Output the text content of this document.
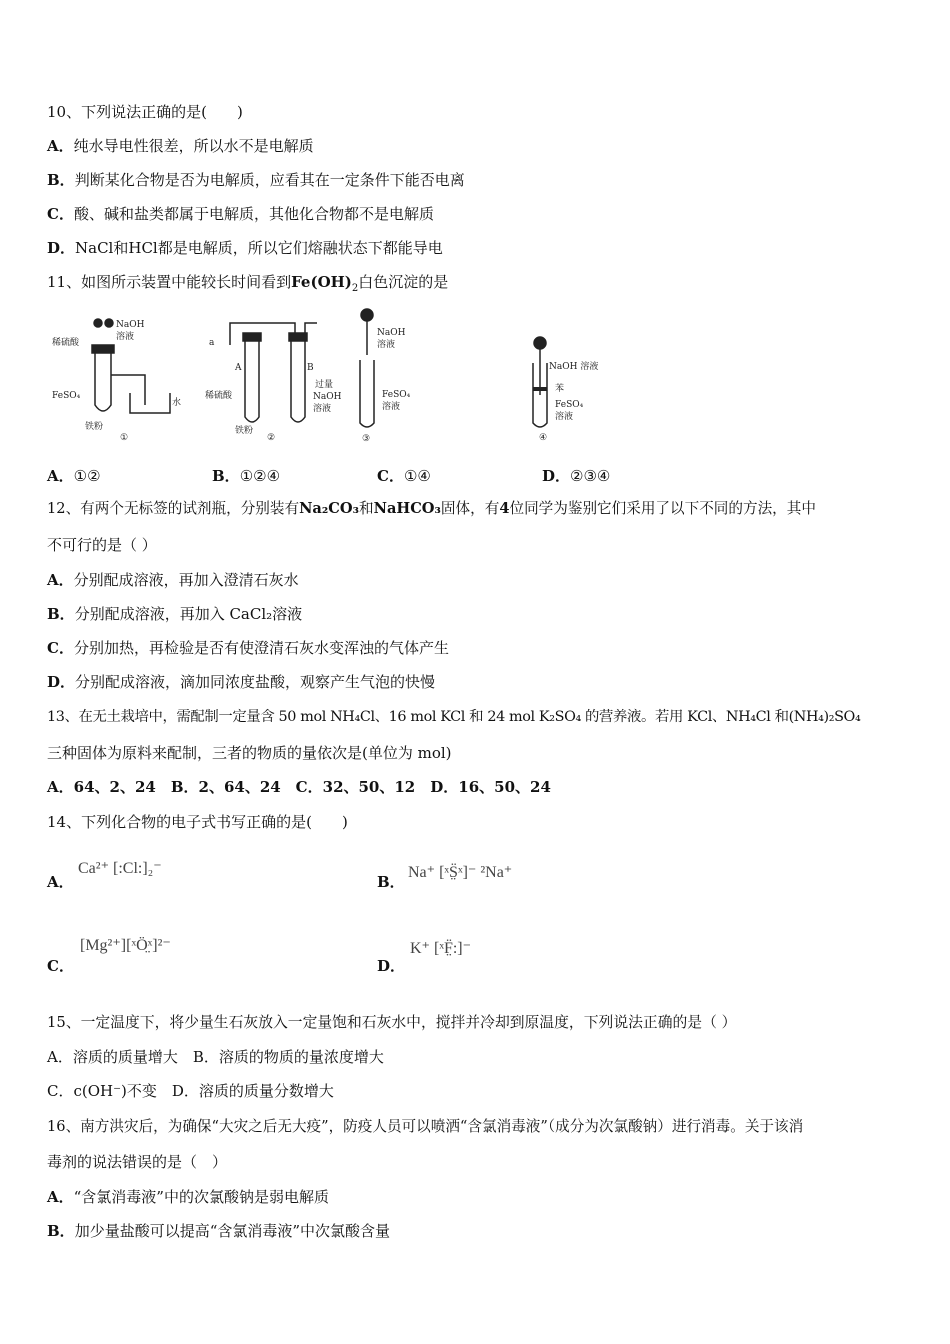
10、下列说法正确的是(　　)
A．纯水导电性很差，所以水不是电解质
B．判断某化合物是否为电解质，应看其在一定条件下能否电离
C．酸、碱和盐类都属于电解质，其他化合物都不是电解质
D．NaCl和HCl都是电解质，所以它们熔融状态下都能导电
11、如图所示装置中能较长时间看到$Fe(OH)_2$白色沉淀的是
NaOH
溶液
稀硫酸
FeSO₄
铁粉
水
①
a
A	B
稀硫酸
铁粉
过量
NaOH
溶液
②
NaOH
溶液
FeSO₄
溶液
③
NaOH 溶液
苯
FeSO₄
溶液
④
A．①②	B．①②④	C．①④	D．②③④
12、有两个无标签的试剂瓶，分别装有Na₂CO₃和NaHCO₃固体，有4位同学为鉴别它们采用了以下不同的方法，其中
不可行的是（ ）
A．分别配成溶液，再加入澄清石灰水
B．分别配成溶液，再加入 CaCl₂溶液
C．分别加热，再检验是否有使澄清石灰水变浑浊的气体产生
D．分别配成溶液，滴加同浓度盐酸，观察产生气泡的快慢
13、在无土栽培中，需配制一定量含 50 mol NH₄Cl、16 mol KCl 和 24 mol K₂SO₄ 的营养液。若用 KCl、NH₄Cl 和(NH₄)₂SO₄
三种固体为原料来配制，三者的物质的量依次是(单位为 mol)
A．64、2、24　B．2、64、24　C．32、50、12　D．16、50、24
14、下列化合物的电子式书写正确的是(　　)
A．
Ca²⁺ [:Cl:]₂⁻
B．
Na⁺ [ˣS̤̈ˣ]⁻ ²Na⁺
C．
[Mg²⁺][ˣÖ̤ˣ]²⁻
D．
K⁺ [ˣF̤̈:]⁻
15、一定温度下，将少量生石灰放入一定量饱和石灰水中，搅拌并冷却到原温度，下列说法正确的是（ ）
A．溶质的质量增大　B．溶质的物质的量浓度增大
C．c(OH⁻)不变　D．溶质的质量分数增大
16、南方洪灾后，为确保“大灾之后无大疫”，防疫人员可以喷洒“含氯消毒液”（成分为次氯酸钠）进行消毒。关于该消
毒剂的说法错误的是（　）
A．“含氯消毒液”中的次氯酸钠是弱电解质
B．加少量盐酸可以提高“含氯消毒液”中次氯酸含量
